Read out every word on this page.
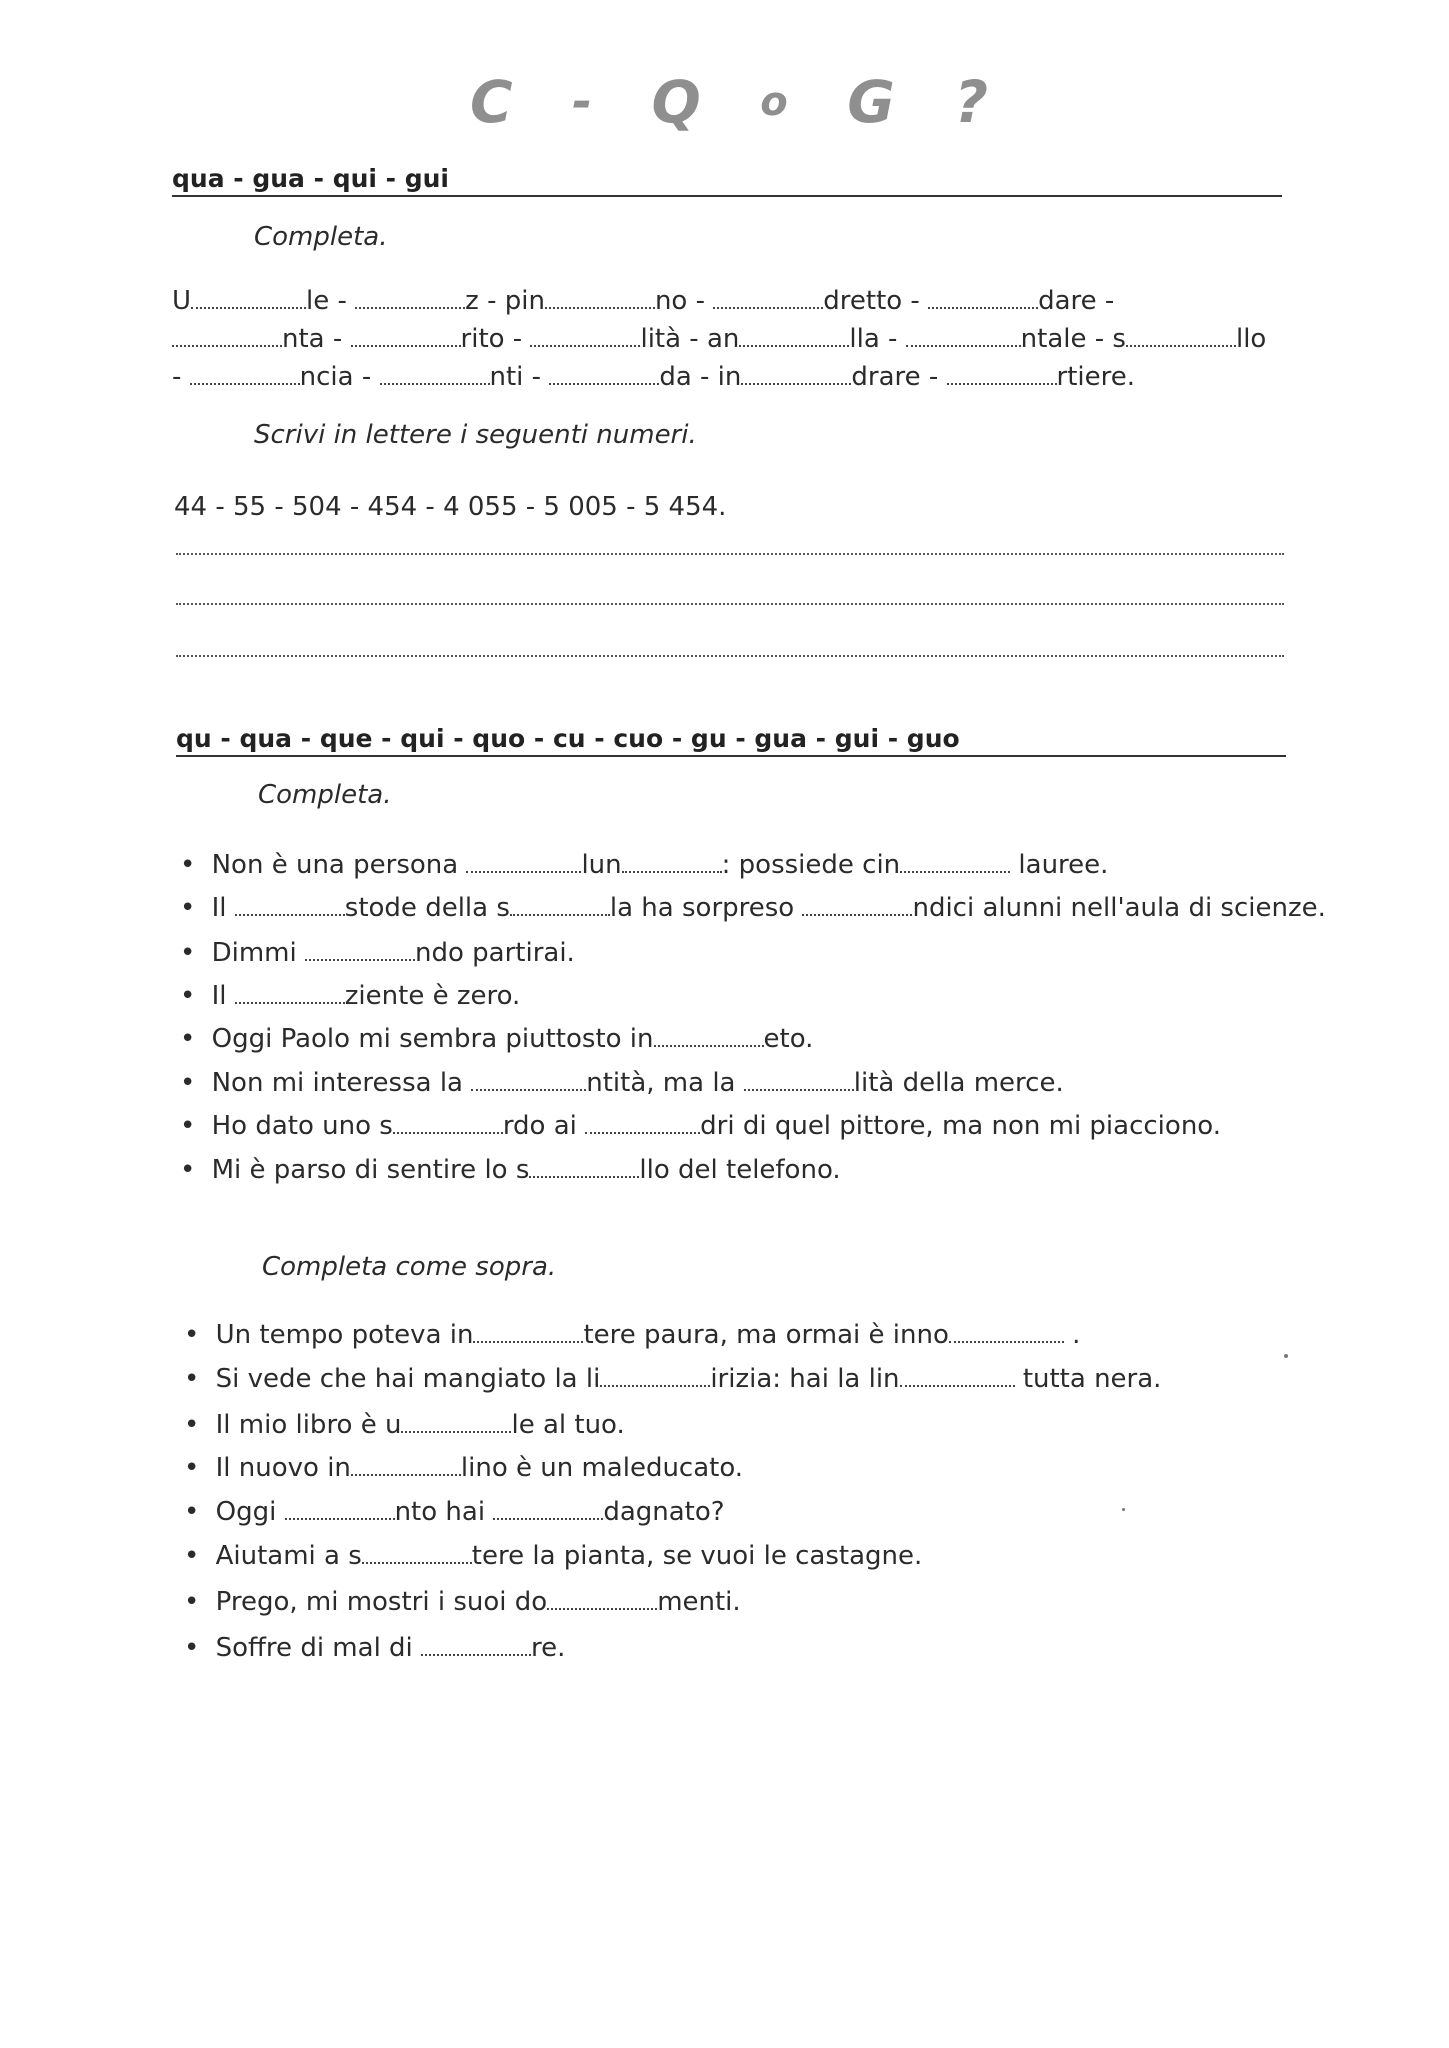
C - Q o G ?
qua - gua - qui - gui
Completa.
U	le -	z - pin	no -	dretto -	dare -
nta -	rito -	lità - an	lla -	ntale - s	llo
-	ncia -	nti -	da - in	drare -	rtiere.
Scrivi in lettere i seguenti numeri.
44 - 55 - 504 - 454 - 4 055 - 5 005 - 5 454.
qu - qua - que - qui - quo - cu - cuo - gu - gua - gui - guo
Completa.
• Non è una persona	lun	: possiede cin	lauree.
• Il	stode della s	la ha sorpreso	ndici alunni nell'aula di scienze.
• Dimmi	ndo partirai.
• Il	ziente è zero.
• Oggi Paolo mi sembra piuttosto in	eto.
• Non mi interessa la	ntità, ma la	lità della merce.
• Ho dato uno s	rdo ai	dri di quel pittore, ma non mi piacciono.
• Mi è parso di sentire lo s	llo del telefono.
Completa come sopra.
• Un tempo poteva in	tere paura, ma ormai è inno	.
• Si vede che hai mangiato la li	irizia: hai la lin	tutta nera.
• Il mio libro è u	le al tuo.
• Il nuovo in	lino è un maleducato.
• Oggi	nto hai	dagnato?
• Aiutami a s	tere la pianta, se vuoi le castagne.
• Prego, mi mostri i suoi do	menti.
• Soffre di mal di	re.
